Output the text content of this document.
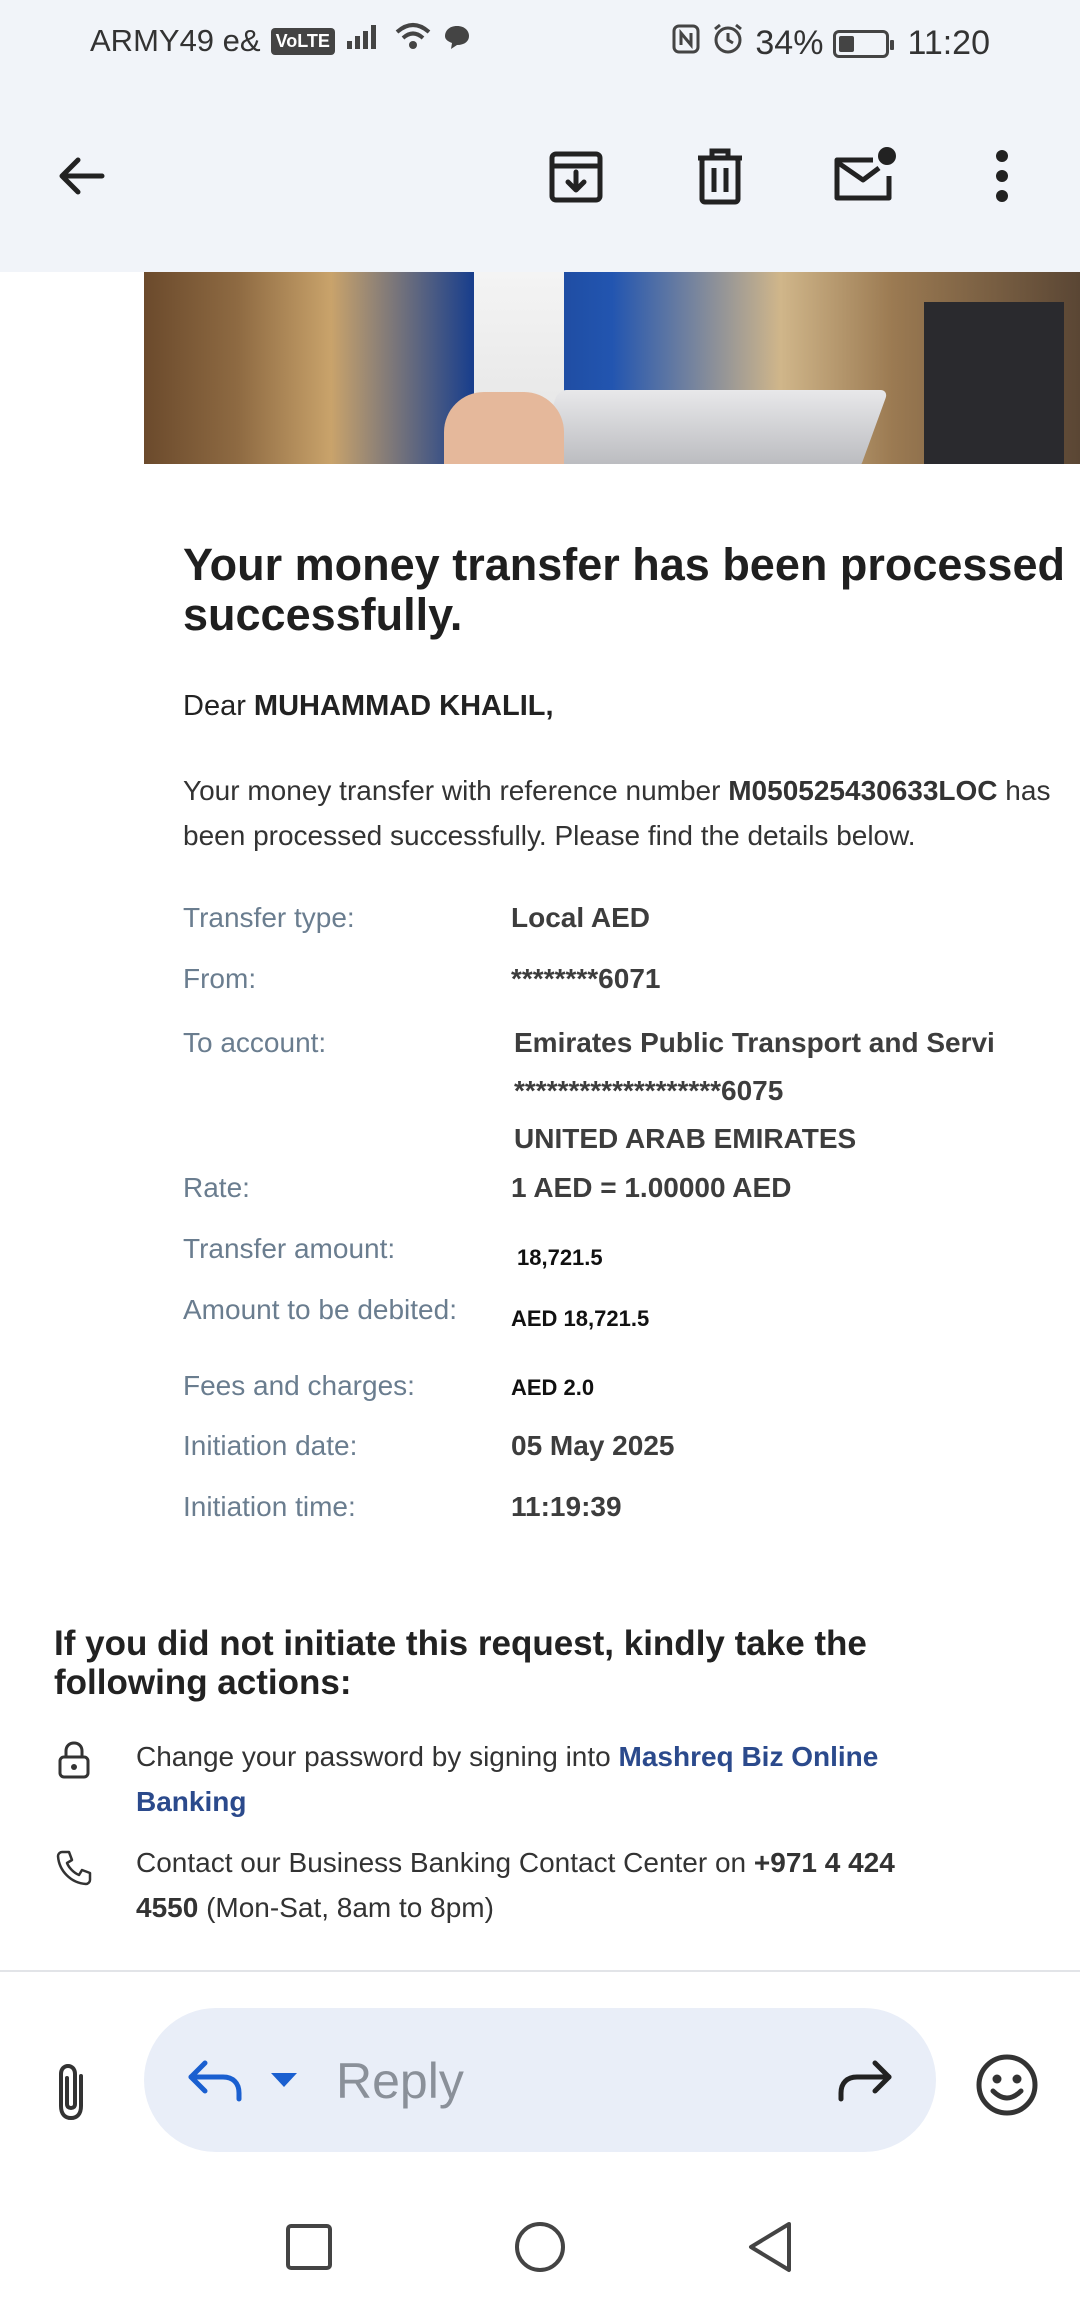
ARMY49 e& VoLTE	34% 11:20
Your money transfer has been processed successfully.
Dear MUHAMMAD KHALIL,
Your money transfer with reference number M050525430633LOC has
been processed successfully. Please find the details below.
Transfer type:	Local AED
From:	********6071
To account:	Emirates Public Transport and Servi
*******************6075
UNITED ARAB EMIRATES
Rate:	1 AED = 1.00000 AED
Transfer amount:	18,721.5
Amount to be debited: AED 18,721.5
Fees and charges:	AED 2.0
Initiation date:	05 May 2025
Initiation time:	11:19:39
If you did not initiate this request, kindly take the following actions:
Change your password by signing into Mashreq Biz Online Banking
Contact our Business Banking Contact Center on +971 4 424 4550 (Mon-Sat, 8am to 8pm)
Reply
